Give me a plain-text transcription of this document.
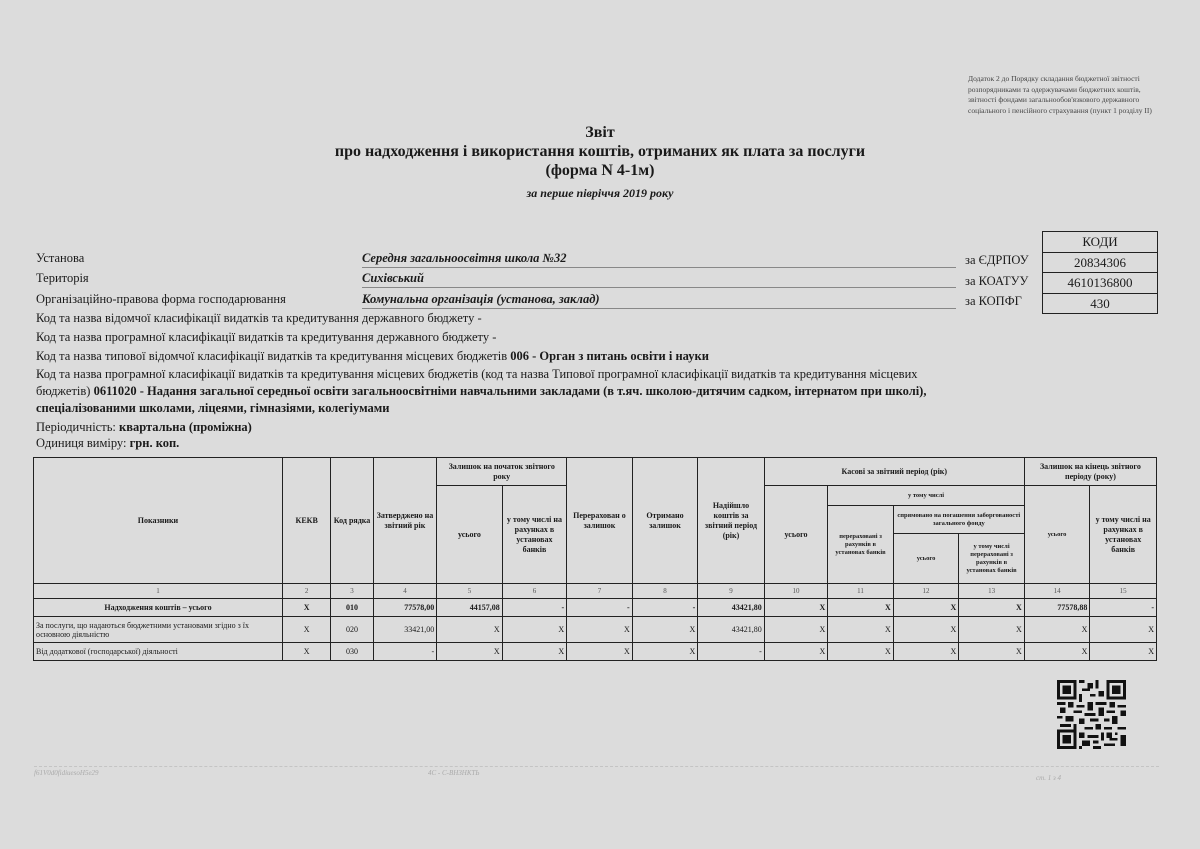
Додаток 2 до Порядку складання бюджетної звітності розпорядниками та одержувачами бюджетних коштів, звітності фондами загальнообов'язкового державного соціального і пенсійного страхування (пункт 1 розділу II)
Звіт
про надходження і використання коштів, отриманих як плата за послуги
(форма N 4-1м)
за перше півріччя 2019 року
Установа	Середня загальноосвітня школа №32
Територія	Сихівський
Організаційно-правова форма господарювання	Комунальна організація (установа, заклад)
за ЄДРПОУ
за КОАТУУ
за КОПФГ
КОДИ
20834306
4610136800
430
Код та назва відомчої класифікації видатків та кредитування державного бюджету -
Код та назва програмної класифікації видатків та кредитування державного бюджету -
Код та назва типової відомчої класифікації видатків та кредитування місцевих бюджетів 006 - Орган з питань освіти і науки
Код та назва програмної класифікації видатків та кредитування місцевих бюджетів (код та назва Типової програмної класифікації видатків та кредитування місцевих
бюджетів) 0611020 - Надання загальної середньої освіти загальноосвітніми навчальними закладами (в т.яч. школою-дитячим садком, інтернатом при школі),
спеціалізованими школами, ліцеями, гімназіями, колегіумами
Періодичність: квартальна (проміжна)
Одиниця виміру: грн. коп.
Показники	КЕКВ	Код рядка	Затверджено на звітний рік	Залишок на початок звітного року		Перерахован о залишок	Отримано залишок	Надійшло коштів за звітний період (рік)	Касові за звітний період (рік)				Залишок на кінець звітного періоду (року)	
				усього	у тому числі на рахунках в установах банків				усього	у тому числі			усього	у тому числі на рахунках в установах банків
										перераховані з рахунків в установах банків	спрямовано на погашення заборгованості загального фонду			
											усього	у тому числі перераховані з рахунків в установах банків		
1	2	3	4	5	6	7	8	9	10	11	12	13	14	15
Надходження коштів – усього	X	010	77578,00	44157,08	-	-	-	43421,80	X	X	X	X	77578,88	-
За послуги, що надаються бюджетними установами згідно з їх основною діяльністю	X	020	33421,00	X	X	X	X	43421,80	X	X	X	X	X	X
Від додаткової (господарської) діяльності	X	030	-	X	X	X	X	-	X	X	X	X	X	X
f61V0d0fidiuesoH5e29	4С - С-ВНЗНКТЬ
ст. 1 з 4
